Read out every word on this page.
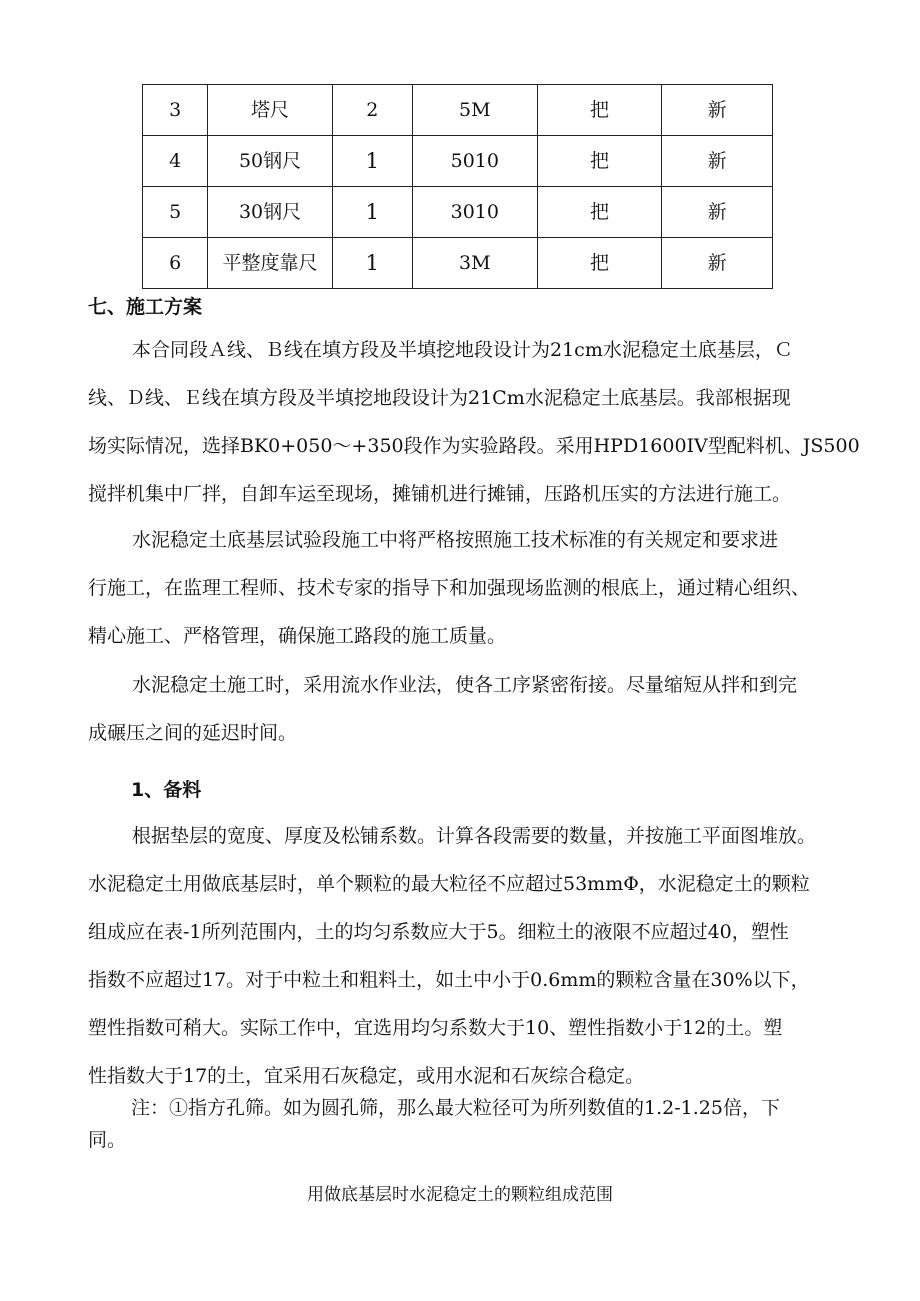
3	塔尺	2	5M	把	新
4	50钢尺	1	5010	把	新
5	30钢尺	1	3010	把	新
6	平整度靠尺	1	3M	把	新
七、施工方案
本合同段Ａ线、Ｂ线在填方段及半填挖地段设计为21cm水泥稳定土底基层，Ｃ
线、Ｄ线、Ｅ线在填方段及半填挖地段设计为21Cm水泥稳定土底基层。我部根据现
场实际情况，选择BK0+050～+350段作为实验路段。采用HPD1600IV型配料机、JS500
搅拌机集中厂拌，自卸车运至现场，摊铺机进行摊铺，压路机压实的方法进行施工。
水泥稳定土底基层试验段施工中将严格按照施工技术标准的有关规定和要求进
行施工，在监理工程师、技术专家的指导下和加强现场监测的根底上，通过精心组织、
精心施工、严格管理，确保施工路段的施工质量。
水泥稳定土施工时，采用流水作业法，使各工序紧密衔接。尽量缩短从拌和到完
成碾压之间的延迟时间。
1、备料
根据垫层的宽度、厚度及松铺系数。计算各段需要的数量，并按施工平面图堆放。
水泥稳定土用做底基层时，单个颗粒的最大粒径不应超过53mmΦ，水泥稳定土的颗粒
组成应在表-1所列范围内，土的均匀系数应大于5。细粒土的液限不应超过40，塑性
指数不应超过17。对于中粒土和粗料土，如土中小于0.6mm的颗粒含量在30%以下，
塑性指数可稍大。实际工作中，宜选用均匀系数大于10、塑性指数小于12的土。塑
性指数大于17的土，宜采用石灰稳定，或用水泥和石灰综合稳定。
注：①指方孔筛。如为圆孔筛，那么最大粒径可为所列数值的1.2-1.25倍，下
同。
用做底基层时水泥稳定土的颗粒组成范围
